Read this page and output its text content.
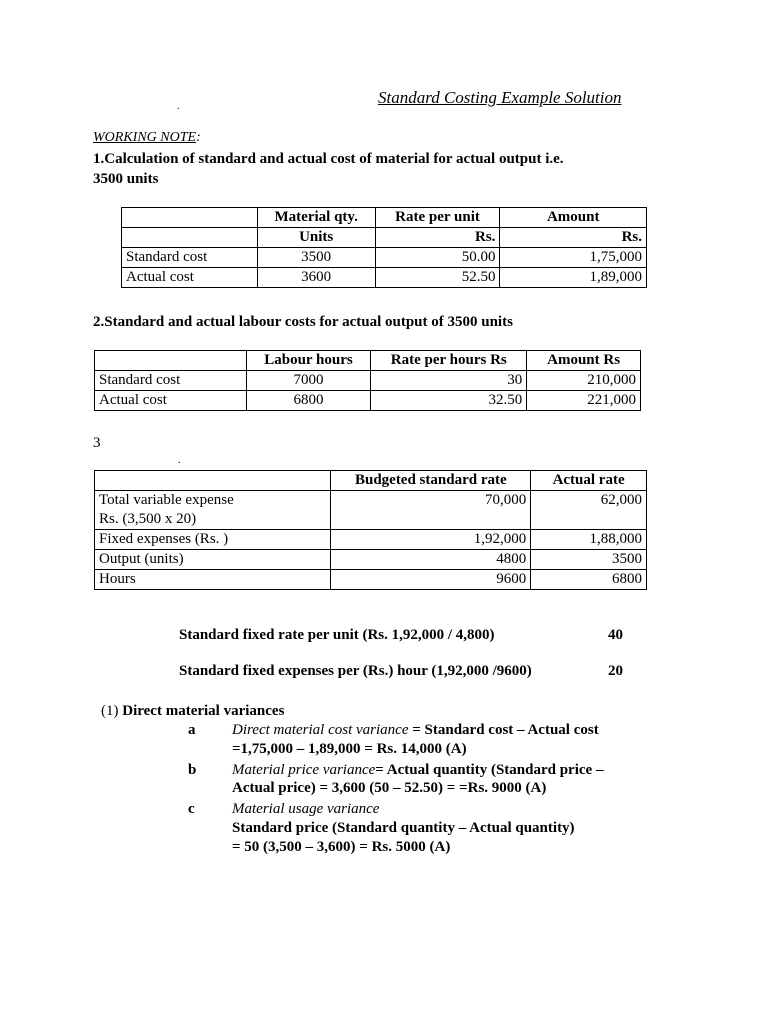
Standard Costing Example Solution
.
WORKING NOTE:
1.Calculation of standard and actual cost of material for actual output i.e.
3500 units
	Material qty.	Rate per unit	Amount
	Units	Rs.	Rs.
Standard cost	3500	50.00	1,75,000
Actual cost	3600	52.50	1,89,000
2.Standard and actual labour costs for actual output of 3500 units
	Labour hours	Rate per hours Rs	Amount Rs
Standard cost	7000	30	210,000
Actual cost	6800	32.50	221,000
3
.
	Budgeted standard rate	Actual rate

Total variable expense
Rs. (3,500 x 20)	70,000	62,000
Fixed expenses (Rs. )	1,92,000	1,88,000
Output (units)	4800	3500
Hours	9600	6800
Standard fixed rate per unit (Rs. 1,92,000 / 4,800)	40
Standard fixed expenses per (Rs.) hour (1,92,000 /9600)	20
(1) Direct material variances
a Direct material cost variance = Standard cost – Actual cost
=1,75,000 – 1,89,000 = Rs. 14,000 (A)
b Material price variance= Actual quantity (Standard price –
Actual price) = 3,600 (50 – 52.50) = =Rs. 9000 (A)
c Material usage variance
Standard price (Standard quantity – Actual quantity)
= 50 (3,500 – 3,600) = Rs. 5000 (A)
